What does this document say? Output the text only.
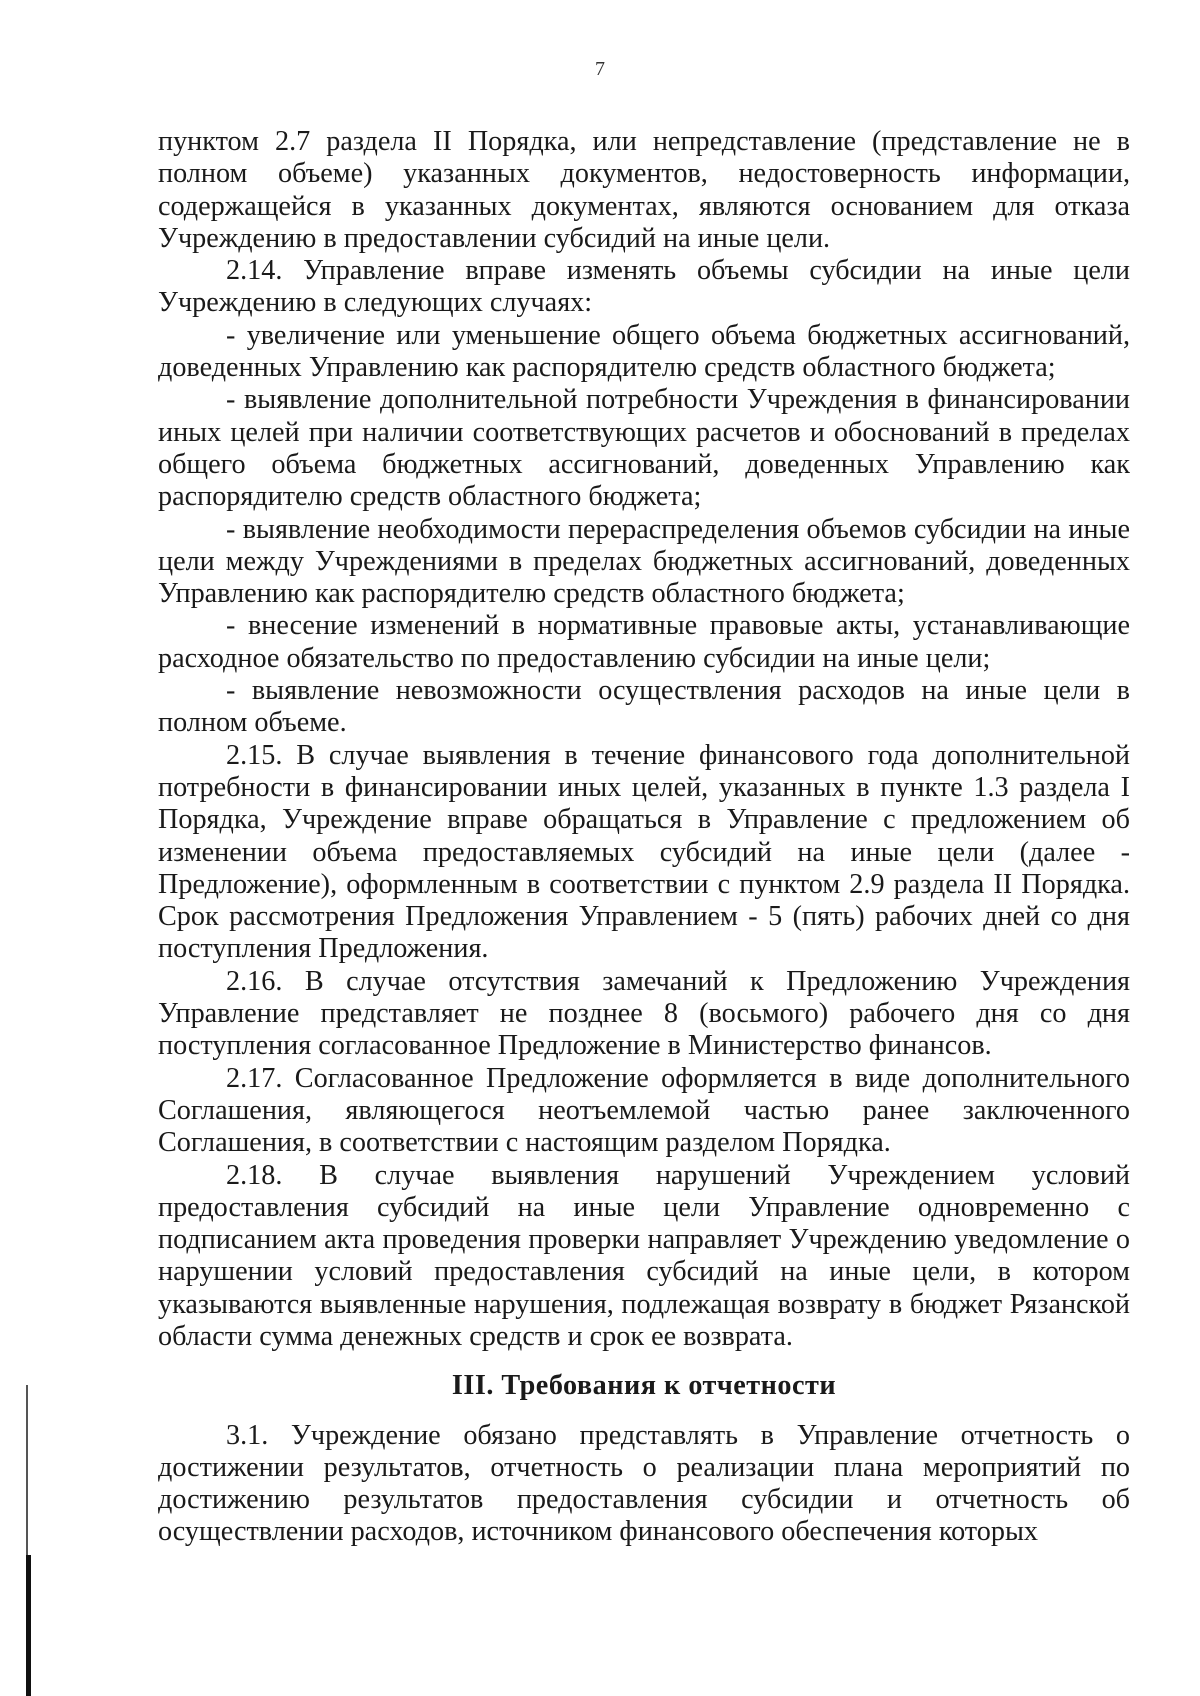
7

пунктом 2.7 раздела II Порядка, или непредставление (представление не в полном объеме) указанных документов, недостоверность информации, содержащейся в указанных документах, являются основанием для отказа Учреждению в предоставлении субсидий на иные цели.

2.14. Управление вправе изменять объемы субсидии на иные цели Учреждению в следующих случаях:

- увеличение или уменьшение общего объема бюджетных ассигнований, доведенных Управлению как распорядителю средств областного бюджета;

- выявление дополнительной потребности Учреждения в финансировании иных целей при наличии соответствующих расчетов и обоснований в пределах общего объема бюджетных ассигнований, доведенных Управлению как распорядителю средств областного бюджета;

- выявление необходимости перераспределения объемов субсидии на иные цели между Учреждениями в пределах бюджетных ассигнований, доведенных Управлению как распорядителю средств областного бюджета;

- внесение изменений в нормативные правовые акты, устанавливающие расходное обязательство по предоставлению субсидии на иные цели;

- выявление невозможности осуществления расходов на иные цели в полном объеме.

2.15. В случае выявления в течение финансового года дополнительной потребности в финансировании иных целей, указанных в пункте 1.3 раздела I Порядка, Учреждение вправе обращаться в Управление с предложением об изменении объема предоставляемых субсидий на иные цели (далее - Предложение), оформленным в соответствии с пунктом 2.9 раздела II Порядка. Срок рассмотрения Предложения Управлением - 5 (пять) рабочих дней со дня поступления Предложения.

2.16. В случае отсутствия замечаний к Предложению Учреждения Управление представляет не позднее 8 (восьмого) рабочего дня со дня поступления согласованное Предложение в Министерство финансов.

2.17. Согласованное Предложение оформляется в виде дополнительного Соглашения, являющегося неотъемлемой частью ранее заключенного Соглашения, в соответствии с настоящим разделом Порядка.

2.18. В случае выявления нарушений Учреждением условий предоставления субсидий на иные цели Управление одновременно с подписанием акта проведения проверки направляет Учреждению уведомление о нарушении условий предоставления субсидий на иные цели, в котором указываются выявленные нарушения, подлежащая возврату в бюджет Рязанской области сумма денежных средств и срок ее возврата.

III. Требования к отчетности

3.1. Учреждение обязано представлять в Управление отчетность о достижении результатов, отчетность о реализации плана мероприятий по достижению результатов предоставления субсидии и отчетность об осуществлении расходов, источником финансового обеспечения которых
